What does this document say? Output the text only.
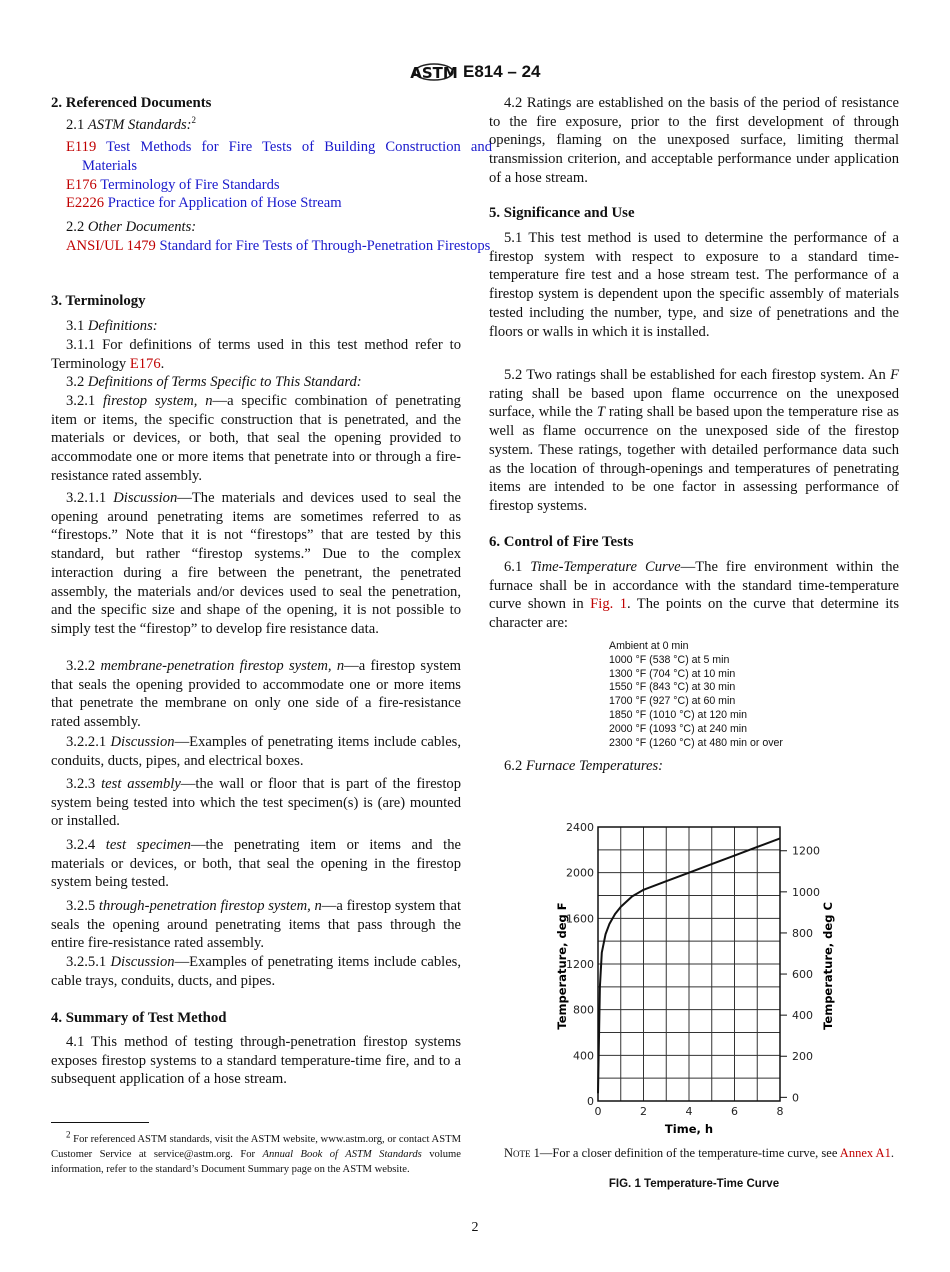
ASTM E814 – 24
2. Referenced Documents
2.1 ASTM Standards:$^2$
E119 Test Methods for Fire Tests of Building Construction and Materials
E176 Terminology of Fire Standards
E2226 Practice for Application of Hose Stream
2.2 Other Documents:
ANSI/UL 1479 Standard for Fire Tests of Through-Penetration Firestops
3. Terminology
3.1 Definitions:
3.1.1 For definitions of terms used in this test method refer to Terminology E176.
3.2 Definitions of Terms Specific to This Standard:
3.2.1 firestop system, n—a specific combination of penetrating item or items, the specific construction that is penetrated, and the materials or devices, or both, that seal the opening provided to accommodate one or more items that penetrate into or through a fire-resistance rated assembly.
3.2.1.1 Discussion—The materials and devices used to seal the opening around penetrating items are sometimes referred to as “firestops.” Note that it is not “firestops” that are tested by this standard, but rather “firestop systems.” Due to the complex interaction during a fire between the penetrant, the penetrated assembly, the materials and/or devices used to seal the penetration, and the specific size and shape of the opening, it is not possible to simply test the “firestop” to develop fire resistance data.
3.2.2 membrane-penetration firestop system, n—a firestop system that seals the opening provided to accommodate one or more items that penetrate the membrane on only one side of a fire-resistance rated assembly.
3.2.2.1 Discussion—Examples of penetrating items include cables, conduits, ducts, pipes, and electrical boxes.
3.2.3 test assembly—the wall or floor that is part of the firestop system being tested into which the test specimen(s) is (are) mounted or installed.
3.2.4 test specimen—the penetrating item or items and the materials or devices, or both, that seal the opening in the firestop system being tested.
3.2.5 through-penetration firestop system, n—a firestop system that seals the opening around penetrating items that pass through the entire fire-resistance rated assembly.
3.2.5.1 Discussion—Examples of penetrating items include cables, cable trays, conduits, ducts, and pipes.
4. Summary of Test Method
4.1 This method of testing through-penetration firestop systems exposes firestop systems to a standard temperature-time fire, and to a subsequent application of a hose stream.
4.2 Ratings are established on the basis of the period of resistance to the fire exposure, prior to the first development of through openings, flaming on the unexposed surface, limiting thermal transmission criterion, and acceptable performance under application of a hose stream.
5. Significance and Use
5.1 This test method is used to determine the performance of a firestop system with respect to exposure to a standard time-temperature fire test and a hose stream test. The performance of a firestop system is dependent upon the specific assembly of materials tested including the number, type, and size of penetrations and the floors or walls in which it is installed.
5.2 Two ratings shall be established for each firestop system. An F rating shall be based upon flame occurrence on the unexposed surface, while the T rating shall be based upon the temperature rise as well as flame occurrence on the unexposed side of the firestop system. These ratings, together with detailed performance data such as the location of through-openings and temperatures of penetrating items are intended to be one factor in assessing performance of firestop systems.
6. Control of Fire Tests
6.1 Time-Temperature Curve—The fire environment within the furnace shall be in accordance with the standard time-temperature curve shown in Fig. 1. The points on the curve that determine its character are:
6.2 Furnace Temperatures:
$^2$ For referenced ASTM standards, visit the ASTM website, www.astm.org, or contact ASTM Customer Service at service@astm.org. For Annual Book of ASTM Standards volume information, refer to the standard’s Document Summary page on the ASTM website.
Ambient at 0 min
1000 °F (538 °C) at 5 min
1300 °F (704 °C) at 10 min
1550 °F (843 °C) at 30 min
1700 °F (927 °C) at 60 min
1850 °F (1010 °C) at 120 min
2000 °F (1093 °C) at 240 min
2300 °F (1260 °C) at 480 min or over
0
400
800
1200
1600
2000
2400
0	2	4	6	8
0
200
400
600
800
1000
1200
Time, h
Temperature, deg F	Temperature, deg C
Note 1—For a closer definition of the temperature-time curve, see Annex A1.
FIG. 1 Temperature-Time Curve
2
